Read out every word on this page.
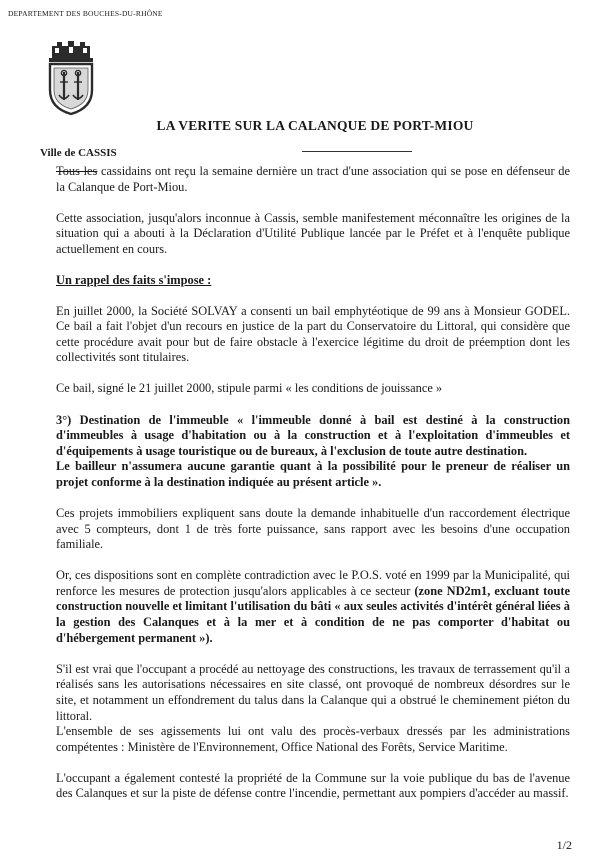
DEPARTEMENT DES BOUCHES-DU-RHÔNE
LA VERITE SUR LA CALANQUE DE PORT-MIOU
Ville de CASSIS

Tous les cassidains ont reçu la semaine dernière un tract d'une association qui se pose en défenseur de la Calanque de Port-Miou.

Cette association, jusqu'alors inconnue à Cassis, semble manifestement méconnaître les origines de la situation qui a abouti à la Déclaration d'Utilité Publique lancée par le Préfet et à l'enquête publique actuellement en cours.

Un rappel des faits s'impose :

En juillet 2000, la Société SOLVAY a consenti un bail emphytéotique de 99 ans à Monsieur GODEL. Ce bail a fait l'objet d'un recours en justice de la part du Conservatoire du Littoral, qui considère que cette procédure avait pour but de faire obstacle à l'exercice légitime du droit de préemption dont les collectivités sont titulaires.

Ce bail, signé le 21 juillet 2000, stipule parmi « les conditions de jouissance »

3°) Destination de l'immeuble « l'immeuble donné à bail est destiné à la construction d'immeubles à usage d'habitation ou à la construction et à l'exploitation d'immeubles et d'équipements à usage touristique ou de bureaux, à l'exclusion de toute autre destination.

Le bailleur n'assumera aucune garantie quant à la possibilité pour le preneur de réaliser un projet conforme à la destination indiquée au présent article ».

Ces projets immobiliers expliquent sans doute la demande inhabituelle d'un raccordement électrique avec 5 compteurs, dont 1 de très forte puissance, sans rapport avec les besoins d'une occupation familiale.

Or, ces dispositions sont en complète contradiction avec le P.O.S. voté en 1999 par la Municipalité, qui renforce les mesures de protection jusqu'alors applicables à ce secteur (zone ND2m1, excluant toute construction nouvelle et limitant l'utilisation du bâti « aux seules activités d'intérêt général liées à la gestion des Calanques et à la mer et à condition de ne pas comporter d'habitat ou d'hébergement permanent »).

S'il est vrai que l'occupant a procédé au nettoyage des constructions, les travaux de terrassement qu'il a réalisés sans les autorisations nécessaires en site classé, ont provoqué de nombreux désordres sur le site, et notamment un effondrement du talus dans la Calanque qui a obstrué le cheminement piéton du littoral.

L'ensemble de ses agissements lui ont valu des procès-verbaux dressés par les administrations compétentes : Ministère de l'Environnement, Office National des Forêts, Service Maritime.

L'occupant a également contesté la propriété de la Commune sur la voie publique du bas de l'avenue des Calanques et sur la piste de défense contre l'incendie, permettant aux pompiers d'accéder au massif.

1/2
